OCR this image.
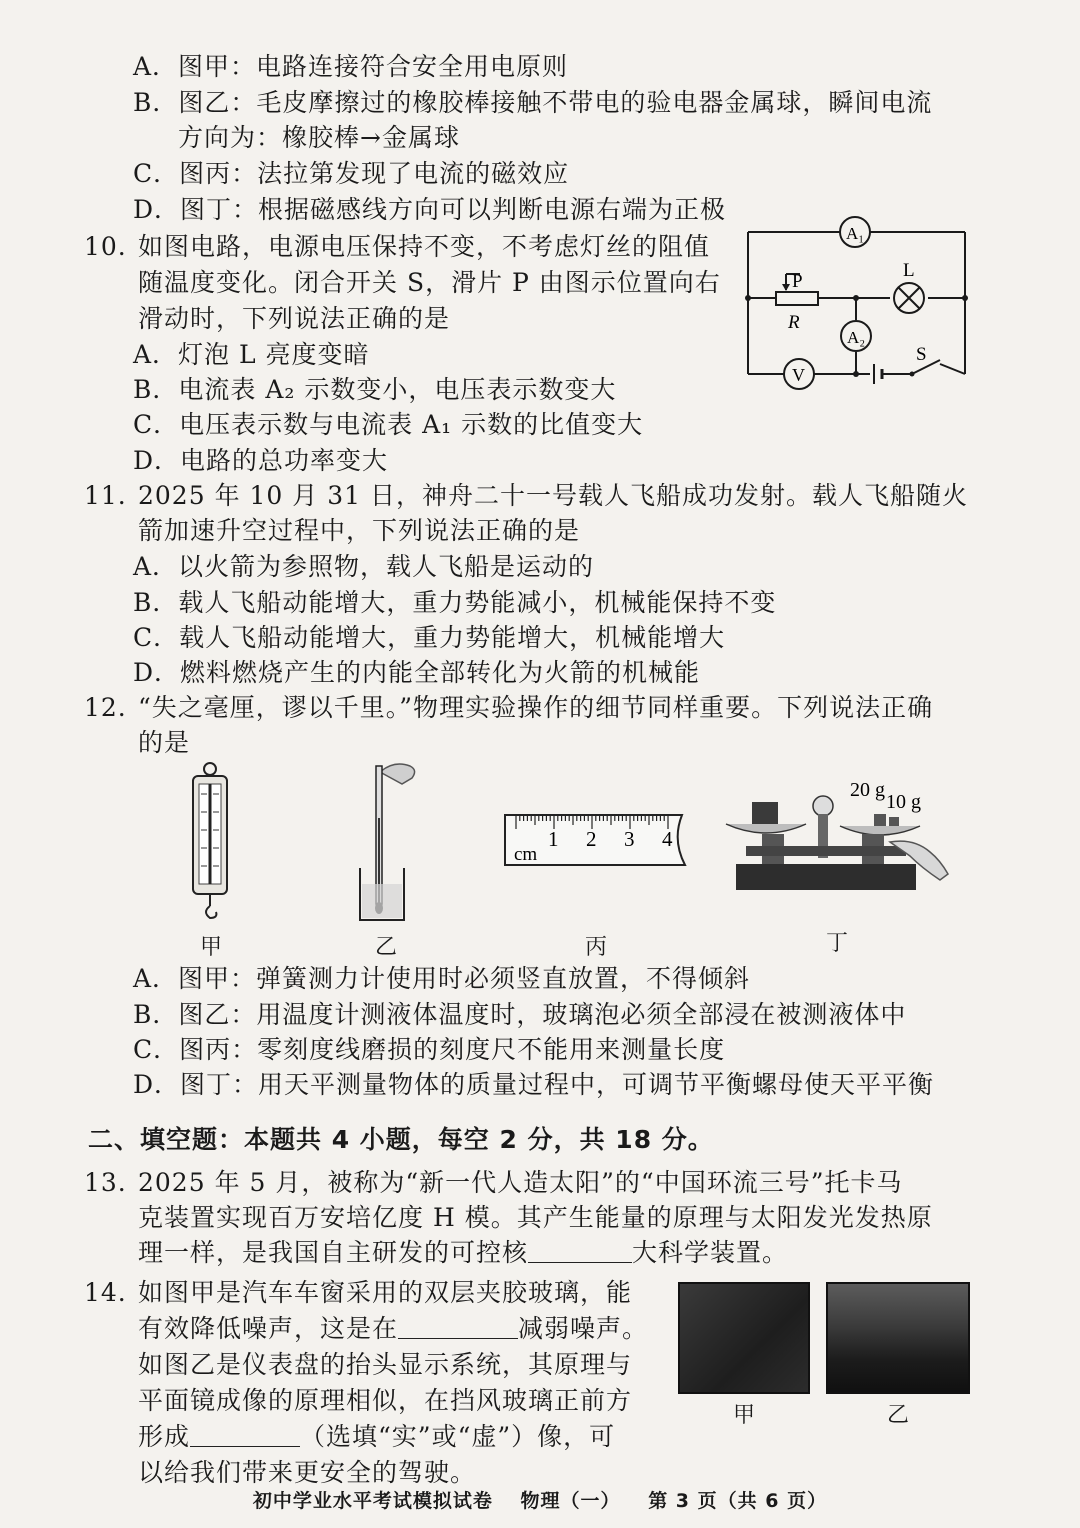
A．图甲：电路连接符合安全用电原则
B．图乙：毛皮摩擦过的橡胶棒接触不带电的验电器金属球，瞬间电流
方向为：橡胶棒→金属球
C．图丙：法拉第发现了电流的磁效应
D．图丁：根据磁感线方向可以判断电源右端为正极
10. 如图电路，电源电压保持不变，不考虑灯丝的阻值
随温度变化。闭合开关 S，滑片 P 由图示位置向右
滑动时，下列说法正确的是
A．灯泡 L 亮度变暗
B．电流表 A₂ 示数变小，电压表示数变大
C．电压表示数与电流表 A₁ 示数的比值变大
D．电路的总功率变大
A₁
A₂
V
L
P
R
S
11. 2025 年 10 月 31 日，神舟二十一号载人飞船成功发射。载人飞船随火
箭加速升空过程中，下列说法正确的是
A．以火箭为参照物，载人飞船是运动的
B．载人飞船动能增大，重力势能减小，机械能保持不变
C．载人飞船动能增大，重力势能增大，机械能增大
D．燃料燃烧产生的内能全部转化为火箭的机械能
12. “失之毫厘，谬以千里。”物理实验操作的细节同样重要。下列说法正确
的是
甲	乙
cm
1 2 3 4
丙
20 g
10 g
丁
A．图甲：弹簧测力计使用时必须竖直放置，不得倾斜
B．图乙：用温度计测液体温度时，玻璃泡必须全部浸在被测液体中
C．图丙：零刻度线磨损的刻度尺不能用来测量长度
D．图丁：用天平测量物体的质量过程中，可调节平衡螺母使天平平衡
二、填空题：本题共 4 小题，每空 2 分，共 18 分。
13. 2025 年 5 月，被称为“新一代人造太阳”的“中国环流三号”托卡马
克装置实现百万安培亿度 H 模。其产生能量的原理与太阳发光发热原
理一样，是我国自主研发的可控核	大科学装置。
14. 如图甲是汽车车窗采用的双层夹胶玻璃，能
有效降低噪声，这是在	减弱噪声。
如图乙是仪表盘的抬头显示系统，其原理与
平面镜成像的原理相似，在挡风玻璃正前方
形成	（选填“实”或“虚”）像，可
以给我们带来更安全的驾驶。
甲	乙
初中学业水平考试模拟试卷 物理（一） 第 3 页（共 6 页）
